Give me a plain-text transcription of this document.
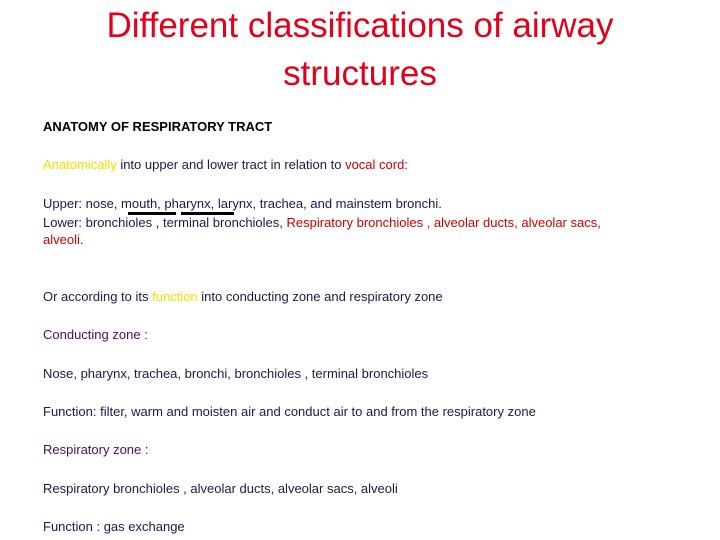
Different classifications of airway
structures
ANATOMY OF RESPIRATORY TRACT
Anatomically into upper and lower tract in relation to vocal cord:
Upper: nose, mouth, pharynx, larynx, trachea, and mainstem bronchi.
Lower: bronchioles , terminal bronchioles, Respiratory bronchioles , alveolar ducts, alveolar sacs,
alveoli.
Or according to its function into conducting zone and respiratory zone
Conducting zone :
Nose, pharynx, trachea, bronchi, bronchioles , terminal bronchioles
Function: filter, warm and moisten air and conduct air to and from the respiratory zone
Respiratory zone :
Respiratory bronchioles , alveolar ducts, alveolar sacs, alveoli
Function : gas exchange
